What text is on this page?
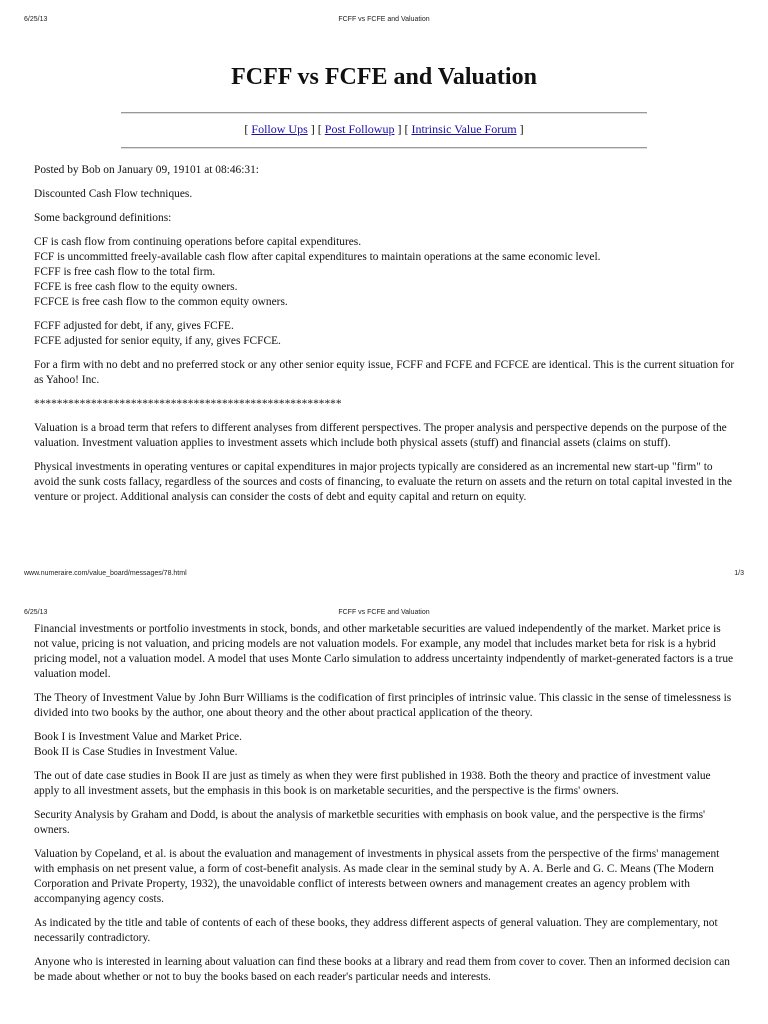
6/25/13	FCFF vs FCFE and Valuation
FCFF vs FCFE and Valuation
[ Follow Ups ] [ Post Followup ] [ Intrinsic Value Forum ]

Posted by Bob on January 09, 19101 at 08:46:31:

Discounted Cash Flow techniques.

Some background definitions:

CF is cash flow from continuing operations before capital expenditures.
FCF is uncommitted freely-available cash flow after capital expenditures to maintain operations at the same economic level.
FCFF is free cash flow to the total firm.
FCFE is free cash flow to the equity owners.
FCFCE is free cash flow to the common equity owners.

FCFF adjusted for debt, if any, gives FCFE.
FCFE adjusted for senior equity, if any, gives FCFCE.

For a firm with no debt and no preferred stock or any other senior equity issue, FCFF and FCFE and FCFCE are identical. This is the current situation for as Yahoo! Inc.

******************************************************

Valuation is a broad term that refers to different analyses from different perspectives. The proper analysis and perspective depends on the purpose of the valuation. Investment valuation applies to investment assets which include both physical assets (stuff) and financial assets (claims on stuff).

Physical investments in operating ventures or capital expenditures in major projects typically are considered as an incremental new start-up "firm" to avoid the sunk costs fallacy, regardless of the sources and costs of financing, to evaluate the return on assets and the return on total capital invested in the venture or project. Additional analysis can consider the costs of debt and equity capital and return on equity.

www.numeraire.com/value_board/messages/78.html	1/3
6/25/13	FCFF vs FCFE and Valuation

Financial investments or portfolio investments in stock, bonds, and other marketable securities are valued independently of the market. Market price is not value, pricing is not valuation, and pricing models are not valuation models. For example, any model that includes market beta for risk is a hybrid pricing model, not a valuation model. A model that uses Monte Carlo simulation to address uncertainty indpendently of market-generated factors is a true valuation model.

The Theory of Investment Value by John Burr Williams is the codification of first principles of intrinsic value. This classic in the sense of timelessness is divided into two books by the author, one about theory and the other about practical application of the theory.

Book I is Investment Value and Market Price.
Book II is Case Studies in Investment Value.

The out of date case studies in Book II are just as timely as when they were first published in 1938. Both the theory and practice of investment value apply to all investment assets, but the emphasis in this book is on marketable securities, and the perspective is the firms' owners.

Security Analysis by Graham and Dodd, is about the analysis of marketble securities with emphasis on book value, and the perspective is the firms' owners.

Valuation by Copeland, et al. is about the evaluation and management of investments in physical assets from the perspective of the firms' management with emphasis on net present value, a form of cost-benefit analysis. As made clear in the seminal study by A. A. Berle and G. C. Means (The Modern Corporation and Private Property, 1932), the unavoidable conflict of interests between owners and management creates an agency problem with accompanying agency costs.

As indicated by the title and table of contents of each of these books, they address different aspects of general valuation. They are complementary, not necessarily contradictory.

Anyone who is interested in learning about valuation can find these books at a library and read them from cover to cover. Then an informed decision can be made about whether or not to buy the books based on each reader's particular needs and interests.
